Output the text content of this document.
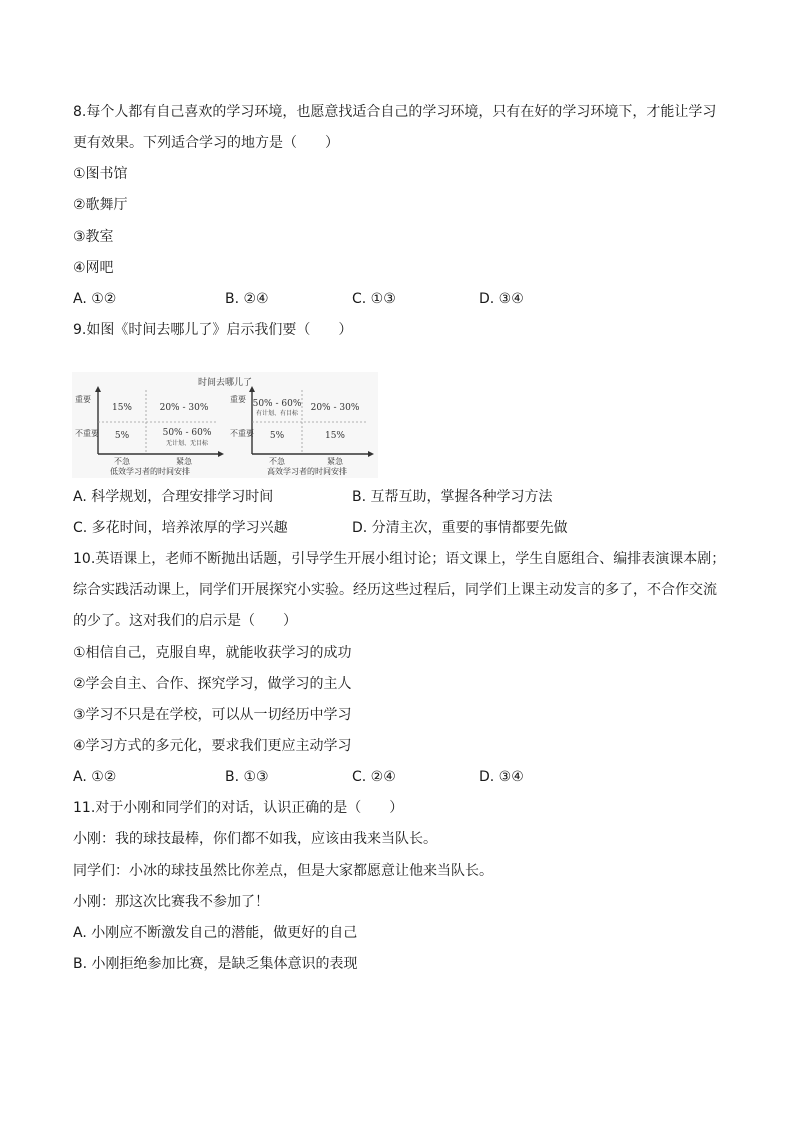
8.每个人都有自己喜欢的学习环境，也愿意找适合自己的学习环境，只有在好的学习环境下，才能让学习
更有效果。下列适合学习的地方是（　　）
①图书馆
②歌舞厅
③教室
④网吧
A. ①②	B. ②④	C. ①③	D. ③④
9.如图《时间去哪儿了》启示我们要（　　）
时间去哪儿了
重要
不重要
15%	20% - 30%
5%	50% - 60%
无计划、无目标
不急	紧急
低效学习者的时间安排
重要
不重要
50% - 60%
有计划、有目标
20% - 30%
5%	15%
不急	紧急
高效学习者的时间安排
A. 科学规划，合理安排学习时间	B. 互帮互助，掌握各种学习方法
C. 多花时间，培养浓厚的学习兴趣	D. 分清主次，重要的事情都要先做
10.英语课上，老师不断抛出话题，引导学生开展小组讨论；语文课上，学生自愿组合、编排表演课本剧；
综合实践活动课上，同学们开展探究小实验。经历这些过程后，同学们上课主动发言的多了，不合作交流
的少了。这对我们的启示是（　　）
①相信自己，克服自卑，就能收获学习的成功
②学会自主、合作、探究学习，做学习的主人
③学习不只是在学校，可以从一切经历中学习
④学习方式的多元化，要求我们更应主动学习
A. ①②	B. ①③	C. ②④	D. ③④
11.对于小刚和同学们的对话，认识正确的是（　　）
小刚：我的球技最棒，你们都不如我，应该由我来当队长。
同学们：小冰的球技虽然比你差点，但是大家都愿意让他来当队长。
小刚：那这次比赛我不参加了！
A. 小刚应不断激发自己的潜能，做更好的自己
B. 小刚拒绝参加比赛，是缺乏集体意识的表现
